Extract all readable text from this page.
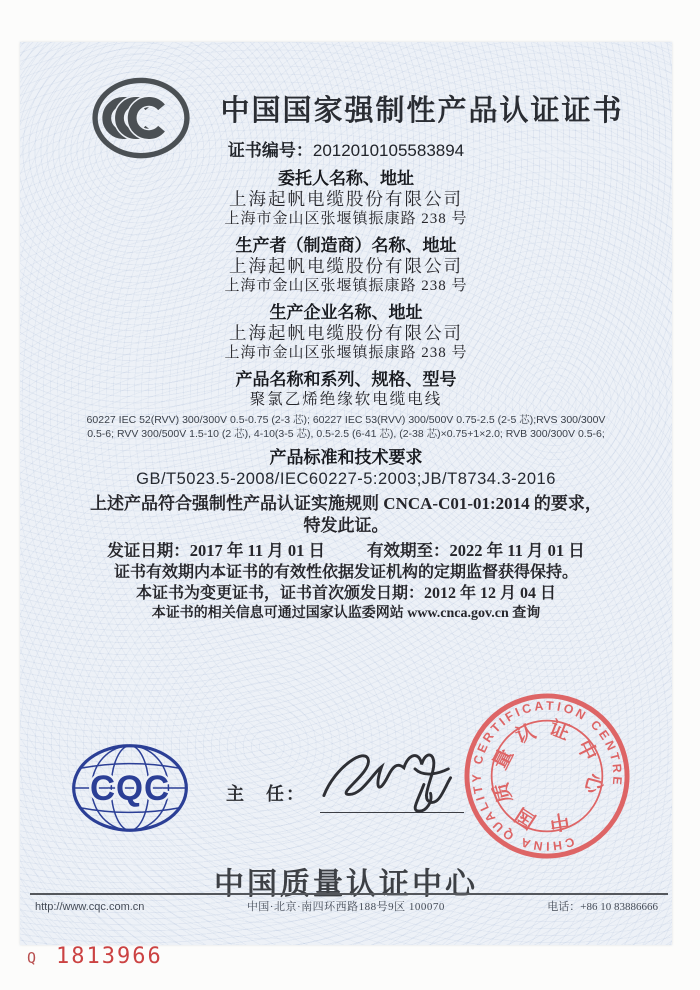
中国国家强制性产品认证证书
证书编号：2012010105583894
委托人名称、地址
上海起帆电缆股份有限公司
上海市金山区张堰镇振康路 238 号
生产者（制造商）名称、地址
上海起帆电缆股份有限公司
上海市金山区张堰镇振康路 238 号
生产企业名称、地址
上海起帆电缆股份有限公司
上海市金山区张堰镇振康路 238 号
产品名称和系列、规格、型号
聚氯乙烯绝缘软电缆电线
60227 IEC 52(RVV) 300/300V 0.5-0.75 (2-3 芯); 60227 IEC 53(RVV) 300/500V 0.75-2.5 (2-5 芯);RVS 300/300V
0.5-6; RVV 300/500V 1.5-10 (2 芯), 4-10(3-5 芯), 0.5-2.5 (6-41 芯), (2-38 芯)×0.75+1×2.0; RVB 300/300V 0.5-6;
产品标准和技术要求
GB/T5023.5-2008/IEC60227-5:2003;JB/T8734.3-2016
上述产品符合强制性产品认证实施规则 CNCA-C01-01:2014 的要求，
特发此证。
发证日期：2017 年 11 月 01 日	有效期至：2022 年 11 月 01 日
证书有效期内本证书的有效性依据发证机构的定期监督获得保持。
本证书为变更证书，证书首次颁发日期：2012 年 12 月 04 日
本证书的相关信息可通过国家认监委网站 www.cnca.gov.cn 查询
CQC	主　任：
CHINA QUALITY CERTIFICATION CENTRE
中国质量认证中心
中国质量认证中心
http://www.cqc.com.cn	中国·北京·南四环西路188号9区 100070	电话：+86 10 83886666
Q 1813966
